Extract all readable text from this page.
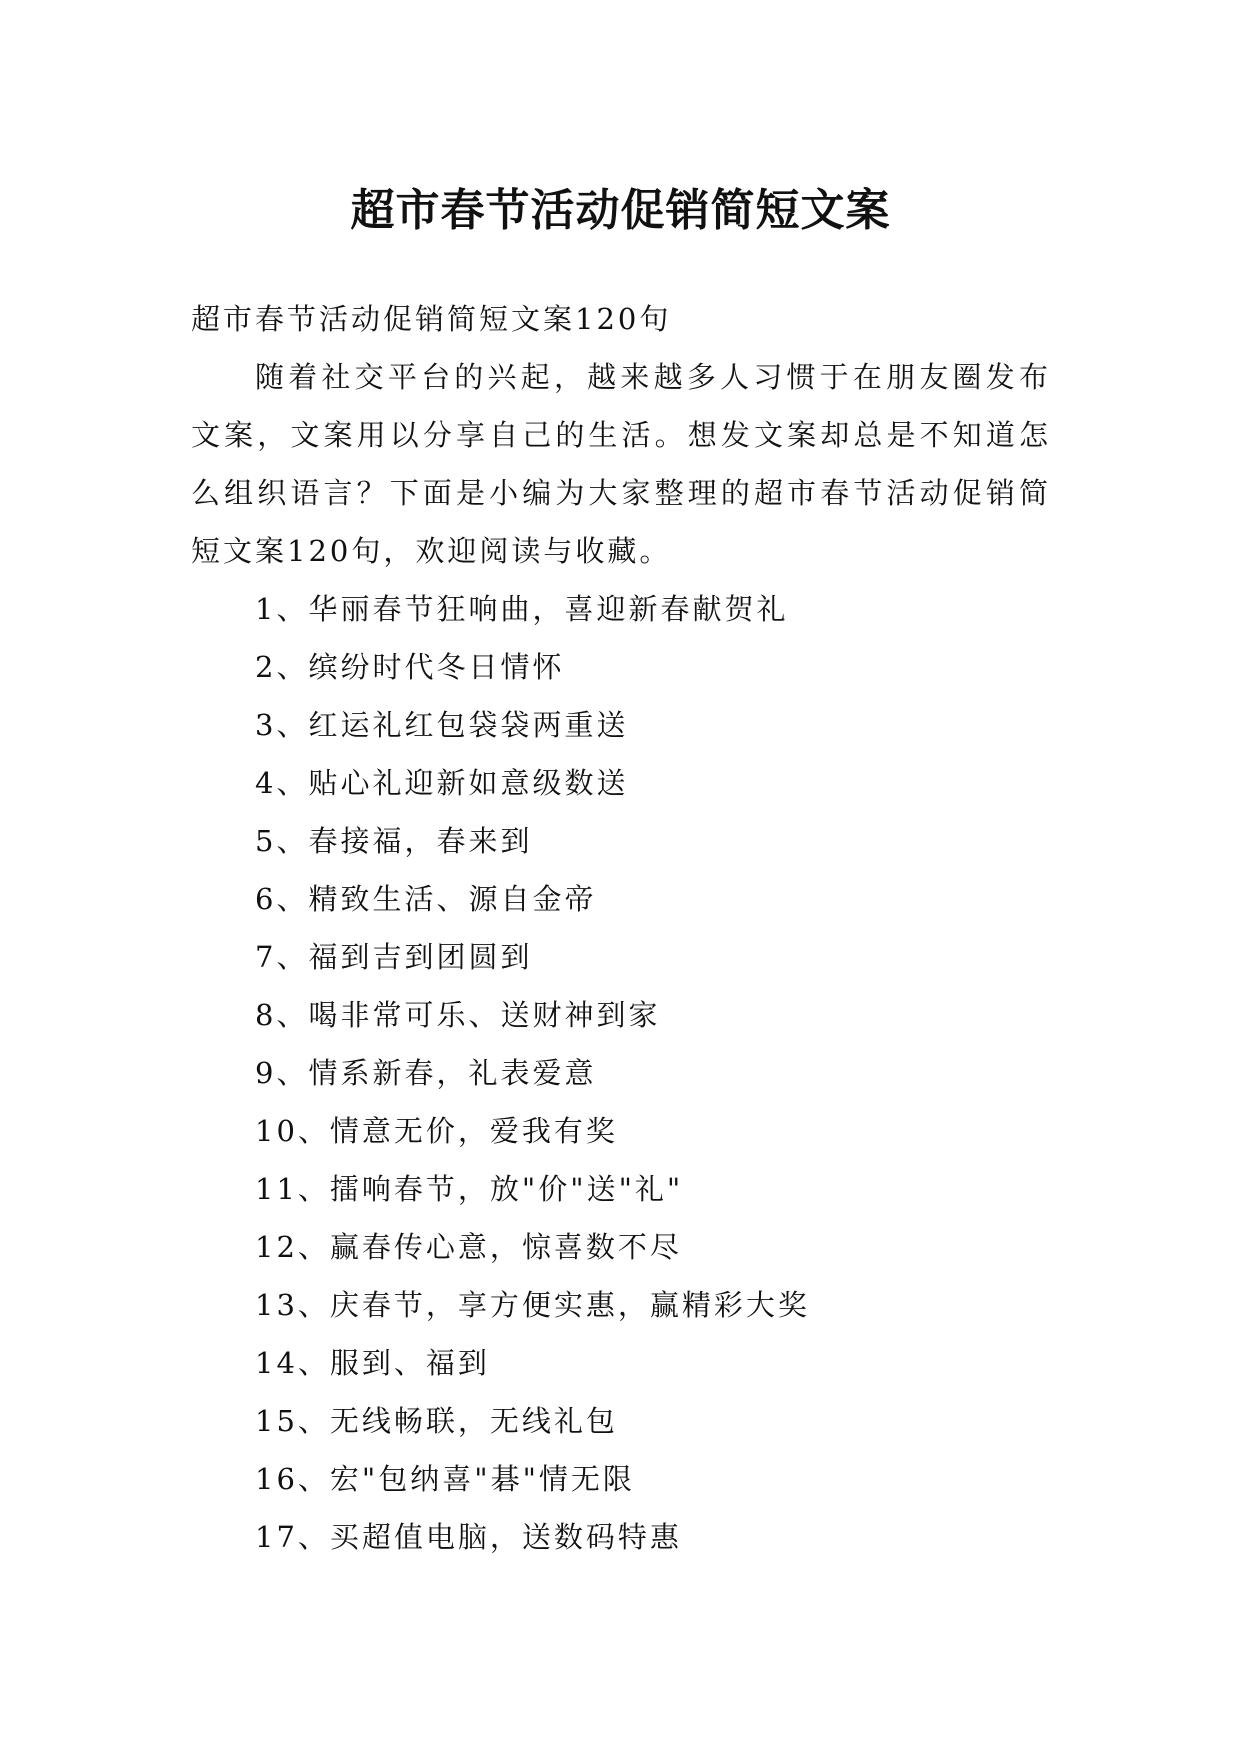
超市春节活动促销简短文案

超市春节活动促销简短文案120句

随着社交平台的兴起，越来越多人习惯于在朋友圈发布文案，文案用以分享自己的生活。想发文案却总是不知道怎么组织语言？下面是小编为大家整理的超市春节活动促销简短文案120句，欢迎阅读与收藏。

1、华丽春节狂响曲，喜迎新春献贺礼
2、缤纷时代冬日情怀
3、红运礼红包袋袋两重送
4、贴心礼迎新如意级数送
5、春接福，春来到
6、精致生活、源自金帝
7、福到吉到团圆到
8、喝非常可乐、送财神到家
9、情系新春，礼表爱意
10、情意无价，爱我有奖
11、擂响春节，放"价"送"礼"
12、赢春传心意，惊喜数不尽
13、庆春节，享方便实惠，赢精彩大奖
14、服到、福到
15、无线畅联，无线礼包
16、宏"包纳喜"碁"情无限
17、买超值电脑，送数码特惠
